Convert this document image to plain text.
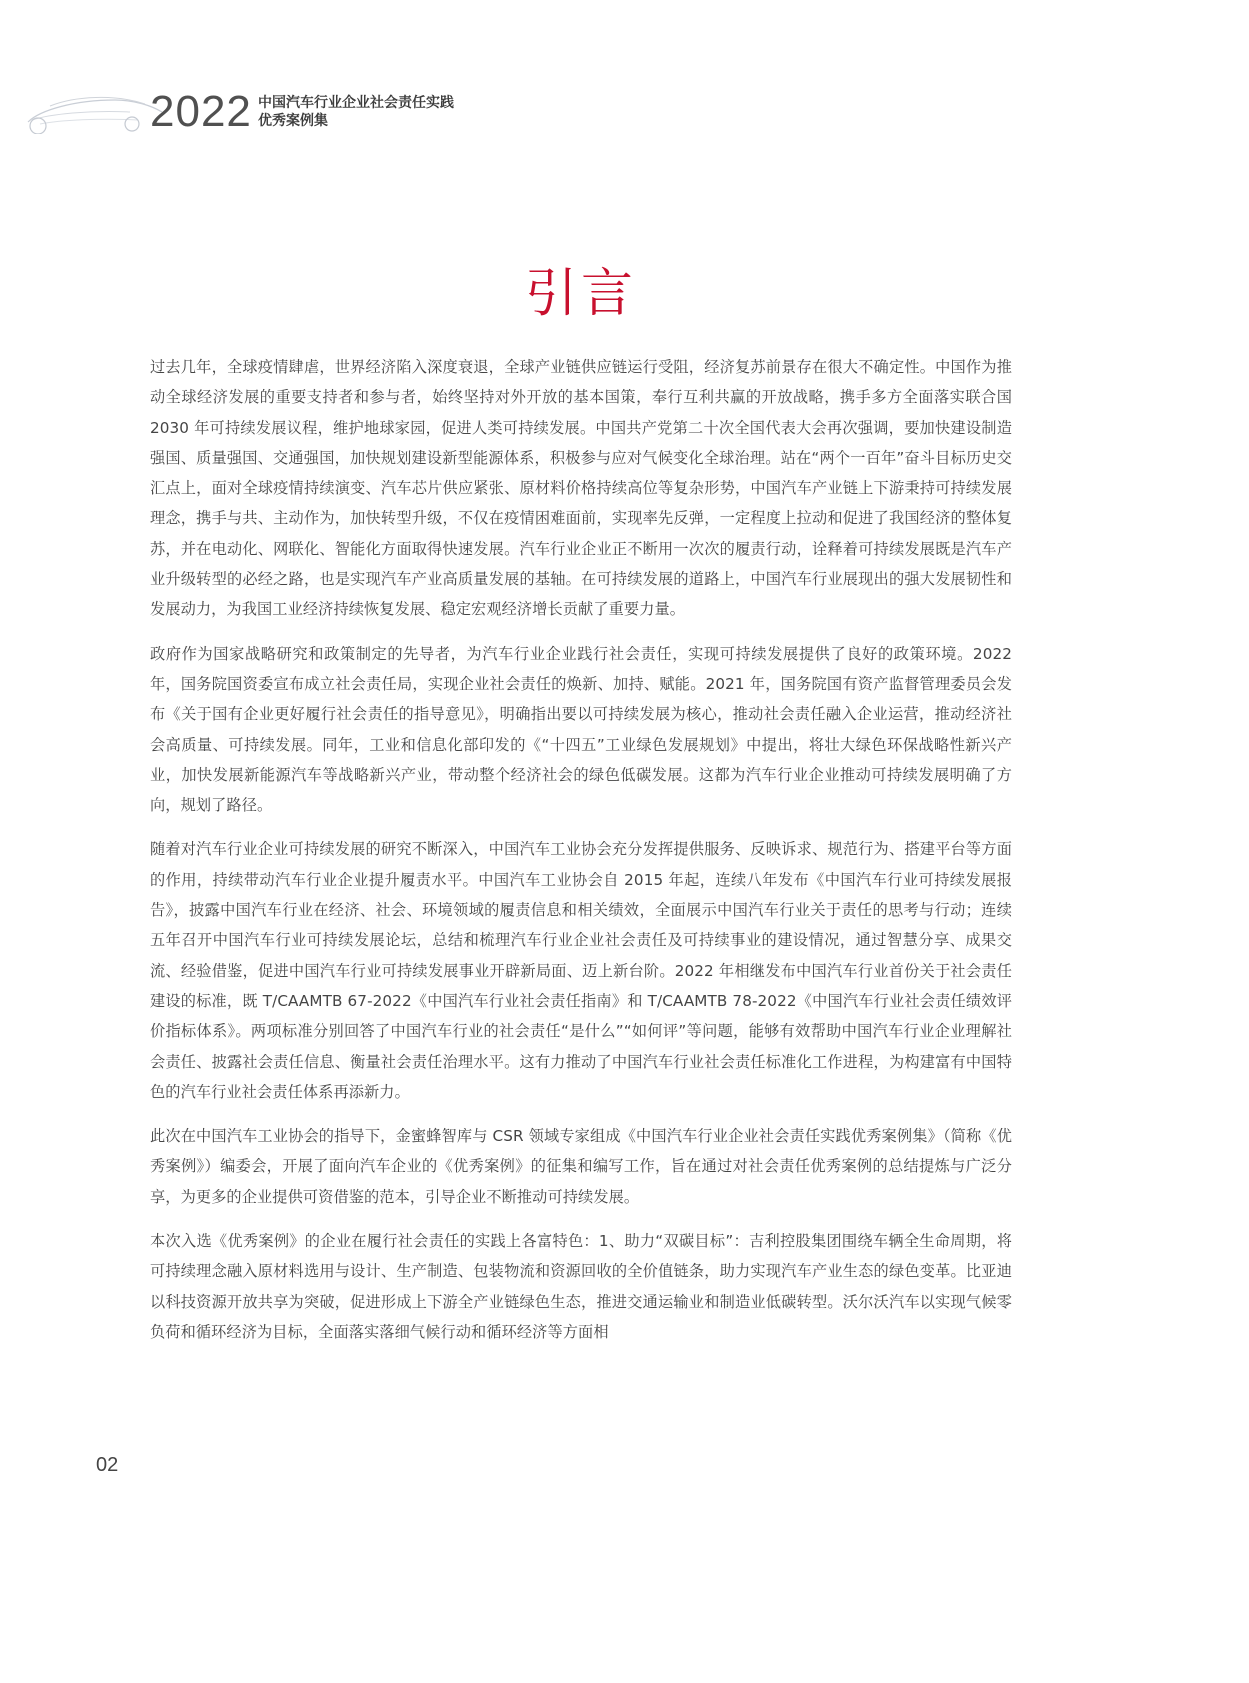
2022 中国汽车行业企业社会责任实践
优秀案例集
引言

过去几年，全球疫情肆虐，世界经济陷入深度衰退，全球产业链供应链运行受阻，经济复苏前景存在很大不确定性。中国作为推动全球经济发展的重要支持者和参与者，始终坚持对外开放的基本国策，奉行互利共赢的开放战略，携手多方全面落实联合国 2030 年可持续发展议程，维护地球家园，促进人类可持续发展。中国共产党第二十次全国代表大会再次强调，要加快建设制造强国、质量强国、交通强国，加快规划建设新型能源体系，积极参与应对气候变化全球治理。站在“两个一百年”奋斗目标历史交汇点上，面对全球疫情持续演变、汽车芯片供应紧张、原材料价格持续高位等复杂形势，中国汽车产业链上下游秉持可持续发展理念，携手与共、主动作为，加快转型升级，不仅在疫情困难面前，实现率先反弹，一定程度上拉动和促进了我国经济的整体复苏，并在电动化、网联化、智能化方面取得快速发展。汽车行业企业正不断用一次次的履责行动，诠释着可持续发展既是汽车产业升级转型的必经之路，也是实现汽车产业高质量发展的基轴。在可持续发展的道路上，中国汽车行业展现出的强大发展韧性和发展动力，为我国工业经济持续恢复发展、稳定宏观经济增长贡献了重要力量。

政府作为国家战略研究和政策制定的先导者，为汽车行业企业践行社会责任，实现可持续发展提供了良好的政策环境。2022 年，国务院国资委宣布成立社会责任局，实现企业社会责任的焕新、加持、赋能。2021 年，国务院国有资产监督管理委员会发布《关于国有企业更好履行社会责任的指导意见》，明确指出要以可持续发展为核心，推动社会责任融入企业运营，推动经济社会高质量、可持续发展。同年，工业和信息化部印发的《“十四五”工业绿色发展规划》中提出，将壮大绿色环保战略性新兴产业，加快发展新能源汽车等战略新兴产业，带动整个经济社会的绿色低碳发展。这都为汽车行业企业推动可持续发展明确了方向，规划了路径。

随着对汽车行业企业可持续发展的研究不断深入，中国汽车工业协会充分发挥提供服务、反映诉求、规范行为、搭建平台等方面的作用，持续带动汽车行业企业提升履责水平。中国汽车工业协会自 2015 年起，连续八年发布《中国汽车行业可持续发展报告》，披露中国汽车行业在经济、社会、环境领域的履责信息和相关绩效，全面展示中国汽车行业关于责任的思考与行动；连续五年召开中国汽车行业可持续发展论坛，总结和梳理汽车行业企业社会责任及可持续事业的建设情况，通过智慧分享、成果交流、经验借鉴，促进中国汽车行业可持续发展事业开辟新局面、迈上新台阶。2022 年相继发布中国汽车行业首份关于社会责任建设的标准，既 T/CAAMTB 67-2022《中国汽车行业社会责任指南》和 T/CAAMTB 78-2022《中国汽车行业社会责任绩效评价指标体系》。两项标准分别回答了中国汽车行业的社会责任“是什么”“如何评”等问题，能够有效帮助中国汽车行业企业理解社会责任、披露社会责任信息、衡量社会责任治理水平。这有力推动了中国汽车行业社会责任标准化工作进程，为构建富有中国特色的汽车行业社会责任体系再添新力。

此次在中国汽车工业协会的指导下，金蜜蜂智库与 CSR 领域专家组成《中国汽车行业企业社会责任实践优秀案例集》（简称《优秀案例》）编委会，开展了面向汽车企业的《优秀案例》的征集和编写工作，旨在通过对社会责任优秀案例的总结提炼与广泛分享，为更多的企业提供可资借鉴的范本，引导企业不断推动可持续发展。

本次入选《优秀案例》的企业在履行社会责任的实践上各富特色：1、助力“双碳目标”：吉利控股集团围绕车辆全生命周期，将可持续理念融入原材料选用与设计、生产制造、包装物流和资源回收的全价值链条，助力实现汽车产业生态的绿色变革。比亚迪以科技资源开放共享为突破，促进形成上下游全产业链绿色生态，推进交通运输业和制造业低碳转型。沃尔沃汽车以实现气候零负荷和循环经济为目标，全面落实落细气候行动和循环经济等方面相

02
